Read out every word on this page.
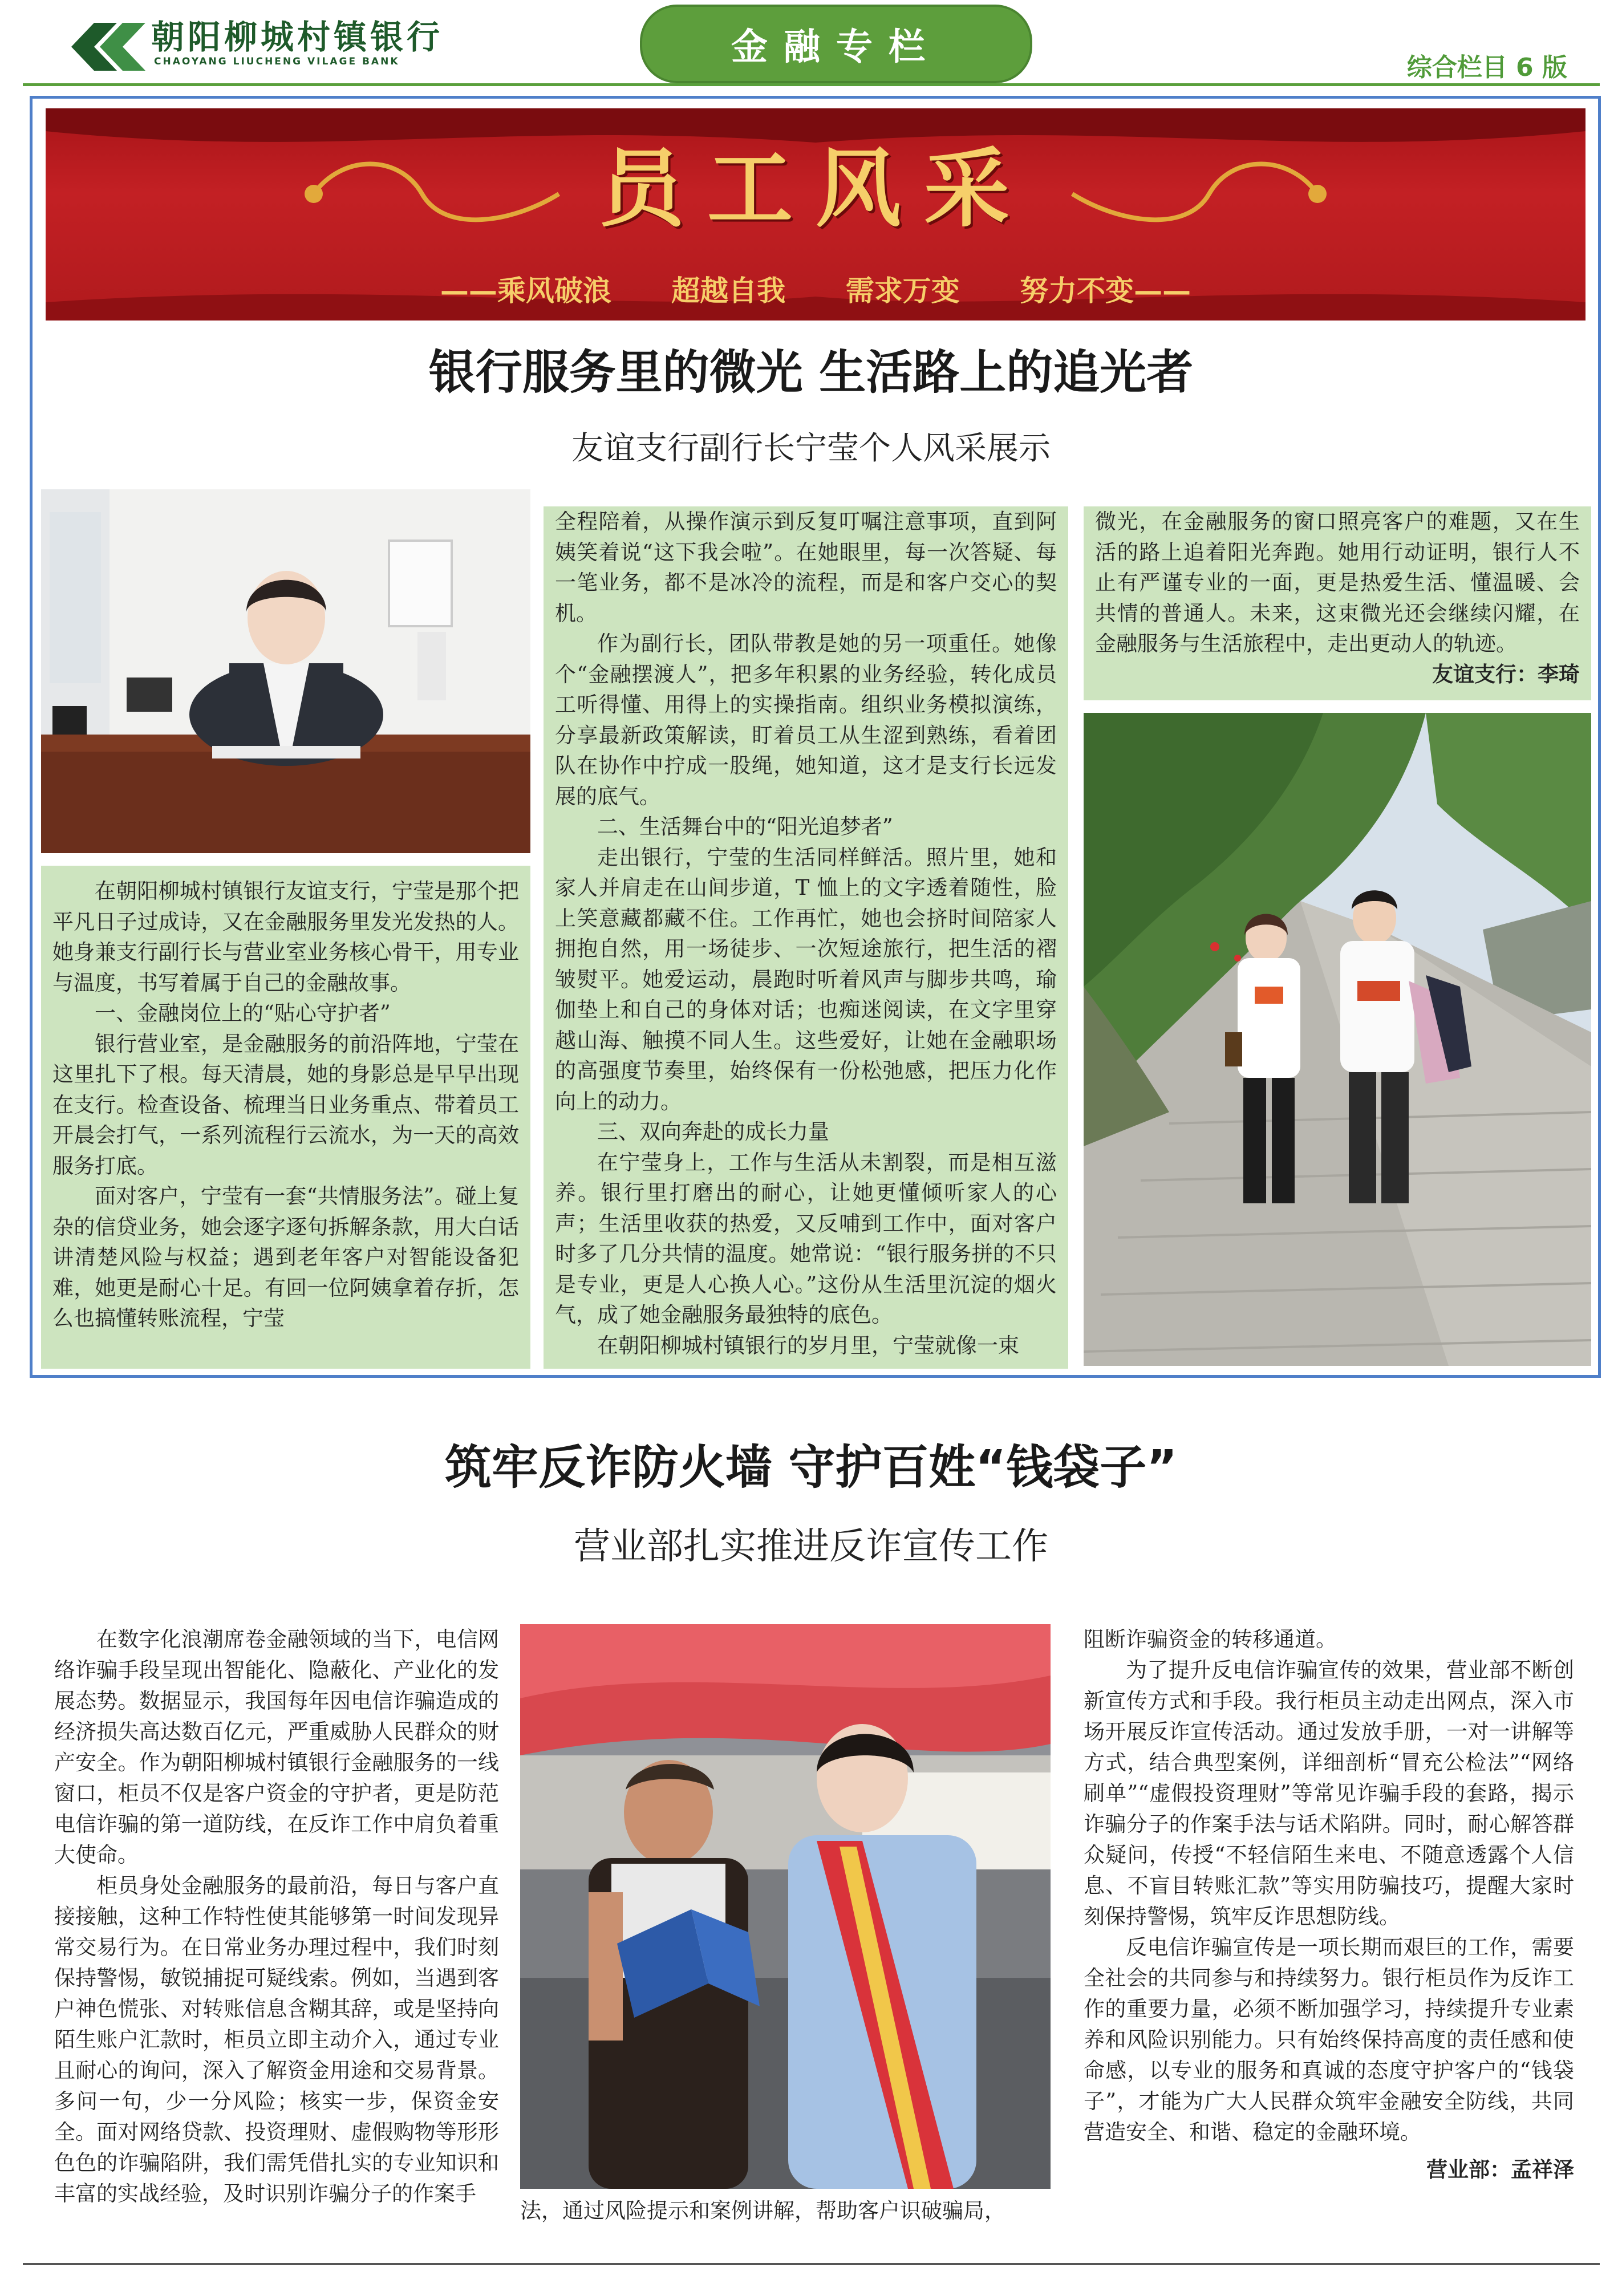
朝阳柳城村镇银行
CHAOYANG LIUCHENG VILAGE BANK	金融专栏	综合栏目 6 版
员工风采
——乘风破浪 超越自我 需求万变 努力不变——
银行服务里的微光 生活路上的追光者
友谊支行副行长宁莹个人风采展示

在朝阳柳城村镇银行友谊支行，宁莹是那个把平凡日子过成诗，又在金融服务里发光发热的人。她身兼支行副行长与营业室业务核心骨干，用专业与温度，书写着属于自己的金融故事。

一、金融岗位上的“贴心守护者”

银行营业室，是金融服务的前沿阵地，宁莹在这里扎下了根。每天清晨，她的身影总是早早出现在支行。检查设备、梳理当日业务重点、带着员工开晨会打气，一系列流程行云流水，为一天的高效服务打底。

面对客户，宁莹有一套“共情服务法”。碰上复杂的信贷业务，她会逐字逐句拆解条款，用大白话讲清楚风险与权益；遇到老年客户对智能设备犯难，她更是耐心十足。有回一位阿姨拿着存折，怎么也搞懂转账流程，宁莹

全程陪着，从操作演示到反复叮嘱注意事项，直到阿姨笑着说“这下我会啦”。在她眼里，每一次答疑、每一笔业务，都不是冰冷的流程，而是和客户交心的契机。

作为副行长，团队带教是她的另一项重任。她像个“金融摆渡人”，把多年积累的业务经验，转化成员工听得懂、用得上的实操指南。组织业务模拟演练，分享最新政策解读，盯着员工从生涩到熟练，看着团队在协作中拧成一股绳，她知道，这才是支行长远发展的底气。

二、生活舞台中的“阳光追梦者”

走出银行，宁莹的生活同样鲜活。照片里，她和家人并肩走在山间步道，T 恤上的文字透着随性，脸上笑意藏都藏不住。工作再忙，她也会挤时间陪家人拥抱自然，用一场徒步、一次短途旅行，把生活的褶皱熨平。她爱运动，晨跑时听着风声与脚步共鸣，瑜伽垫上和自己的身体对话；也痴迷阅读，在文字里穿越山海、触摸不同人生。这些爱好，让她在金融职场的高强度节奏里，始终保有一份松弛感，把压力化作向上的动力。

三、双向奔赴的成长力量

在宁莹身上，工作与生活从未割裂，而是相互滋养。银行里打磨出的耐心，让她更懂倾听家人的心声；生活里收获的热爱，又反哺到工作中，面对客户时多了几分共情的温度。她常说：“银行服务拼的不只是专业，更是人心换人心。”这份从生活里沉淀的烟火气，成了她金融服务最独特的底色。

在朝阳柳城村镇银行的岁月里，宁莹就像一束

微光，在金融服务的窗口照亮客户的难题，又在生活的路上追着阳光奔跑。她用行动证明，银行人不止有严谨专业的一面，更是热爱生活、懂温暖、会共情的普通人。未来，这束微光还会继续闪耀，在金融服务与生活旅程中，走出更动人的轨迹。

友谊支行：李琦

筑牢反诈防火墙 守护百姓“钱袋子”
营业部扎实推进反诈宣传工作

在数字化浪潮席卷金融领域的当下，电信网络诈骗手段呈现出智能化、隐蔽化、产业化的发展态势。数据显示，我国每年因电信诈骗造成的经济损失高达数百亿元，严重威胁人民群众的财产安全。作为朝阳柳城村镇银行金融服务的一线窗口，柜员不仅是客户资金的守护者，更是防范电信诈骗的第一道防线，在反诈工作中肩负着重大使命。

柜员身处金融服务的最前沿，每日与客户直接接触，这种工作特性使其能够第一时间发现异常交易行为。在日常业务办理过程中，我们时刻保持警惕，敏锐捕捉可疑线索。例如，当遇到客户神色慌张、对转账信息含糊其辞，或是坚持向陌生账户汇款时，柜员立即主动介入，通过专业且耐心的询问，深入了解资金用途和交易背景。多问一句，少一分风险；核实一步，保资金安全。面对网络贷款、投资理财、虚假购物等形形色色的诈骗陷阱，我们需凭借扎实的专业知识和丰富的实战经验，及时识别诈骗分子的作案手

法，通过风险提示和案例讲解，帮助客户识破骗局，

阻断诈骗资金的转移通道。

为了提升反电信诈骗宣传的效果，营业部不断创新宣传方式和手段。我行柜员主动走出网点，深入市场开展反诈宣传活动。通过发放手册，一对一讲解等方式，结合典型案例，详细剖析“冒充公检法”“网络刷单”“虚假投资理财”等常见诈骗手段的套路，揭示诈骗分子的作案手法与话术陷阱。同时，耐心解答群众疑问，传授“不轻信陌生来电、不随意透露个人信息、不盲目转账汇款”等实用防骗技巧，提醒大家时刻保持警惕，筑牢反诈思想防线。

反电信诈骗宣传是一项长期而艰巨的工作，需要全社会的共同参与和持续努力。银行柜员作为反诈工作的重要力量，必须不断加强学习，持续提升专业素养和风险识别能力。只有始终保持高度的责任感和使命感，以专业的服务和真诚的态度守护客户的“钱袋子”，才能为广大人民群众筑牢金融安全防线，共同营造安全、和谐、稳定的金融环境。

营业部：孟祥泽
